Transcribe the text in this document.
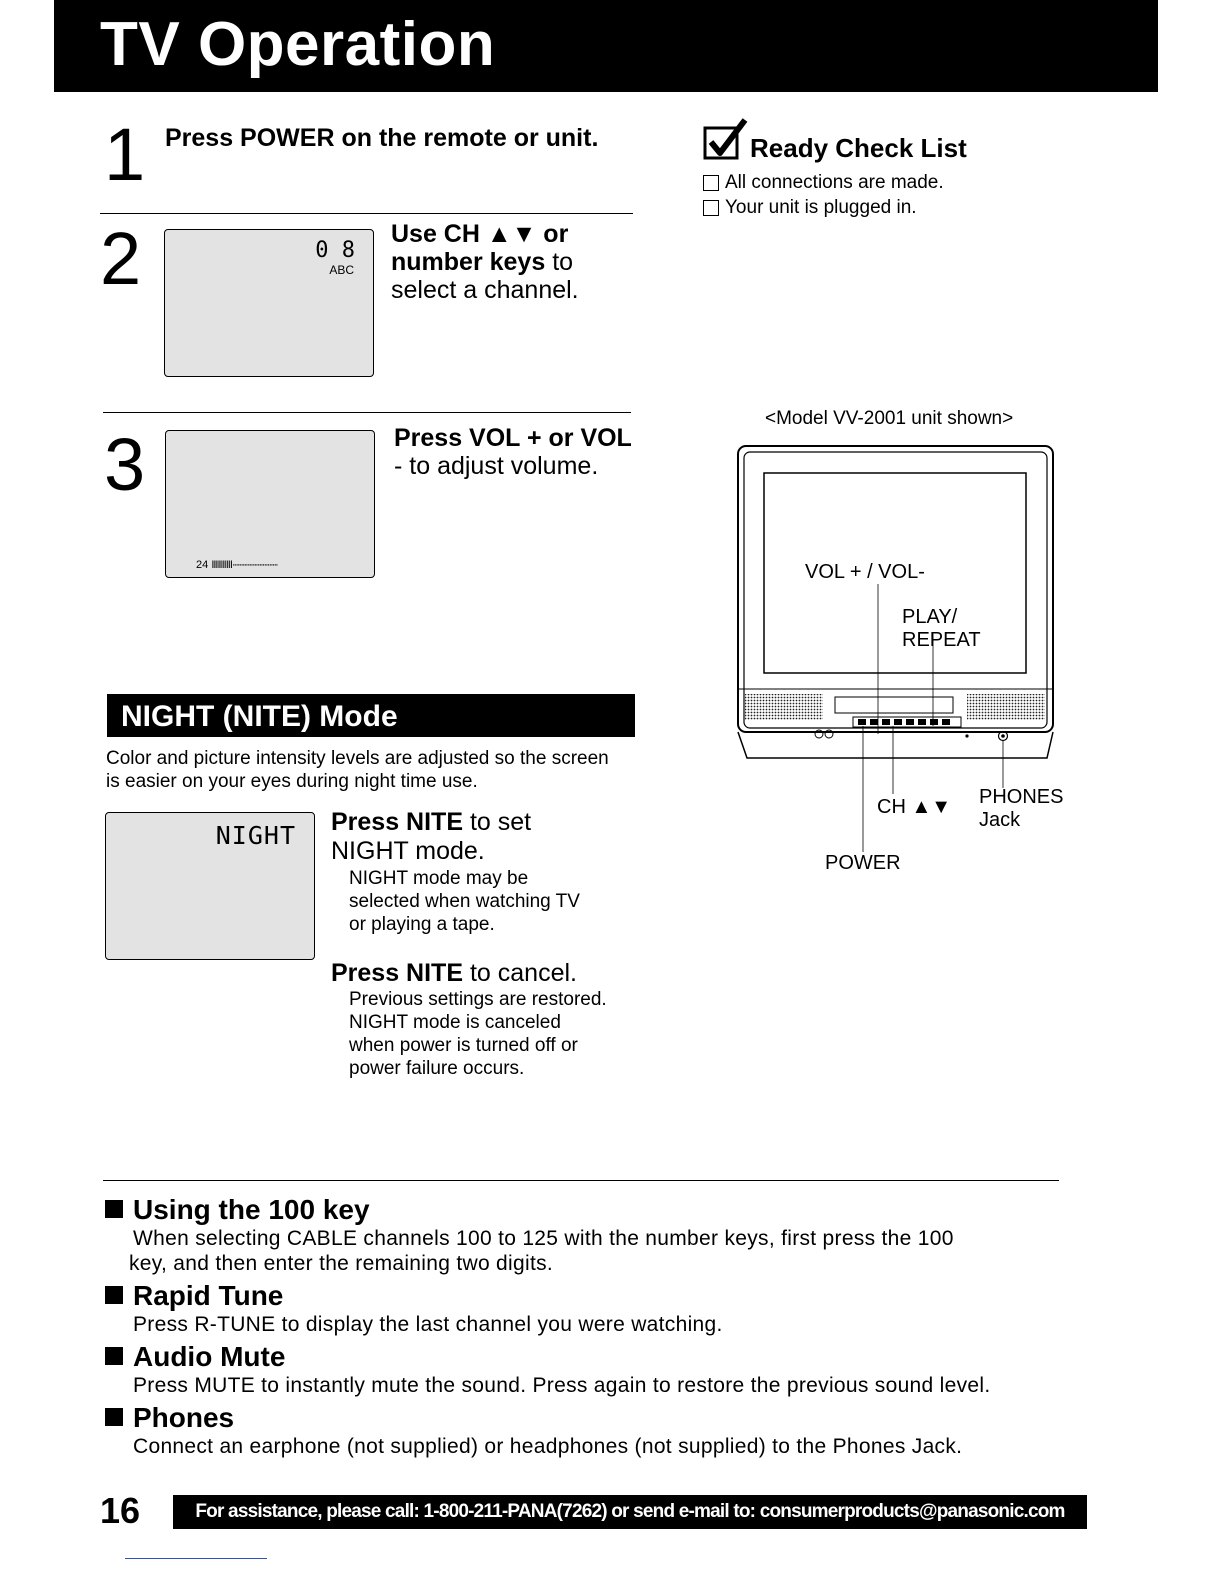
TV Operation
1 Press POWER on the remote or unit.
2	0 8
ABC
Use CH ▲▼ or
number keys to
select a channel.
3
24 IIIIIIIIII···························
Press VOL + or VOL
- to adjust volume.
Ready Check List
All connections are made.
Your unit is plugged in.
<Model VV-2001 unit shown>
VOL + / VOL-
PLAY/
REPEAT
CH ▲▼ PHONES
Jack
POWER
NIGHT (NITE) Mode
Color and picture intensity levels are adjusted so the screen
is easier on your eyes during night time use.
NIGHT Press NITE to set
NIGHT mode.
NIGHT mode may be
selected when watching TV
or playing a tape.
Press NITE to cancel.
Previous settings are restored.
NIGHT mode is canceled
when power is turned off or
power failure occurs.
Using the 100 key
When selecting CABLE channels 100 to 125 with the number keys, first press the 100
key, and then enter the remaining two digits.
Rapid Tune
Press R-TUNE to display the last channel you were watching.
Audio Mute
Press MUTE to instantly mute the sound. Press again to restore the previous sound level.
Phones
Connect an earphone (not supplied) or headphones (not supplied) to the Phones Jack.
16	For assistance, please call: 1-800-211-PANA(7262) or send e-mail to: consumerproducts@panasonic.com
